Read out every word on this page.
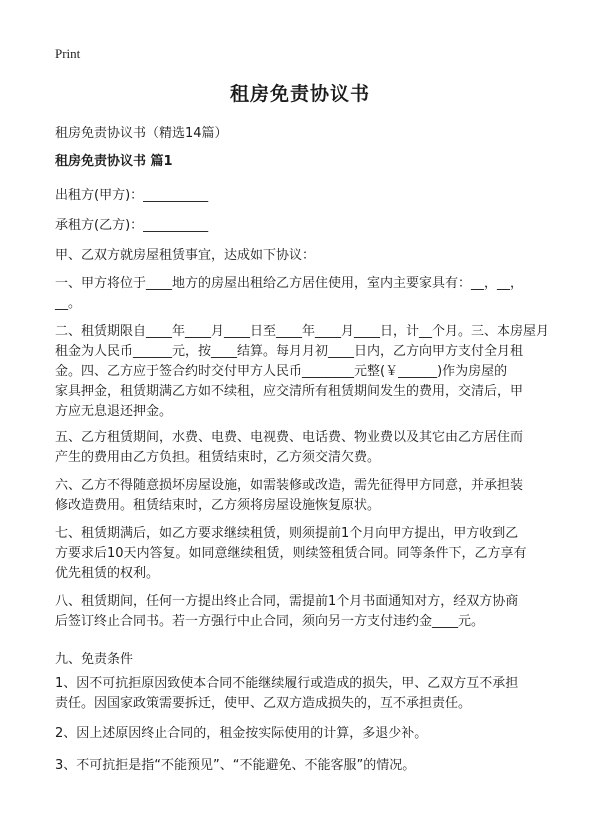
Print
租房免责协议书
租房免责协议书（精选14篇）
租房免责协议书 篇1
出租方(甲方)：__________
承租方(乙方)：__________
甲、乙双方就房屋租赁事宜，达成如下协议：
一、甲方将位于____地方的房屋出租给乙方居住使用，室内主要家具有：__，__，
__。
二、租赁期限自____年____月____日至____年____月____日，计__个月。三、本房屋月
租金为人民币______元，按____结算。每月月初____日内，乙方向甲方支付全月租
金。四、乙方应于签合约时交付甲方人民币________元整(￥______)作为房屋的
家具押金，租赁期满乙方如不续租，应交清所有租赁期间发生的费用，交清后，甲
方应无息退还押金。
五、乙方租赁期间，水费、电费、电视费、电话费、物业费以及其它由乙方居住而
产生的费用由乙方负担。租赁结束时，乙方须交清欠费。
六、乙方不得随意损坏房屋设施，如需装修或改造，需先征得甲方同意，并承担装
修改造费用。租赁结束时，乙方须将房屋设施恢复原状。
七、租赁期满后，如乙方要求继续租赁，则须提前1个月向甲方提出，甲方收到乙
方要求后10天内答复。如同意继续租赁，则续签租赁合同。同等条件下，乙方享有
优先租赁的权利。
八、租赁期间，任何一方提出终止合同，需提前1个月书面通知对方，经双方协商
后签订终止合同书。若一方强行中止合同，须向另一方支付违约金____元。
九、免责条件
1、因不可抗拒原因致使本合同不能继续履行或造成的损失，甲、乙双方互不承担
责任。因国家政策需要拆迁，使甲、乙双方造成损失的，互不承担责任。
2、因上述原因终止合同的，租金按实际使用的计算，多退少补。
3、不可抗拒是指“不能预见”、“不能避免、不能客服”的情况。
